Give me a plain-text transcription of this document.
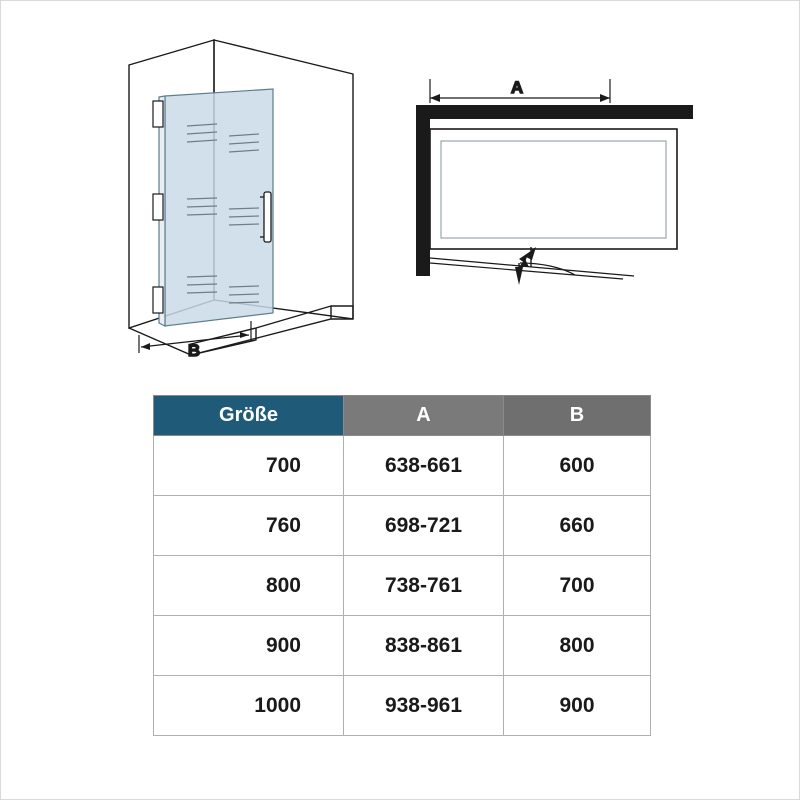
B
A
Größe	A	B
700	638-661	600
760	698-721	660
800	738-761	700
900	838-861	800
1000	938-961	900
